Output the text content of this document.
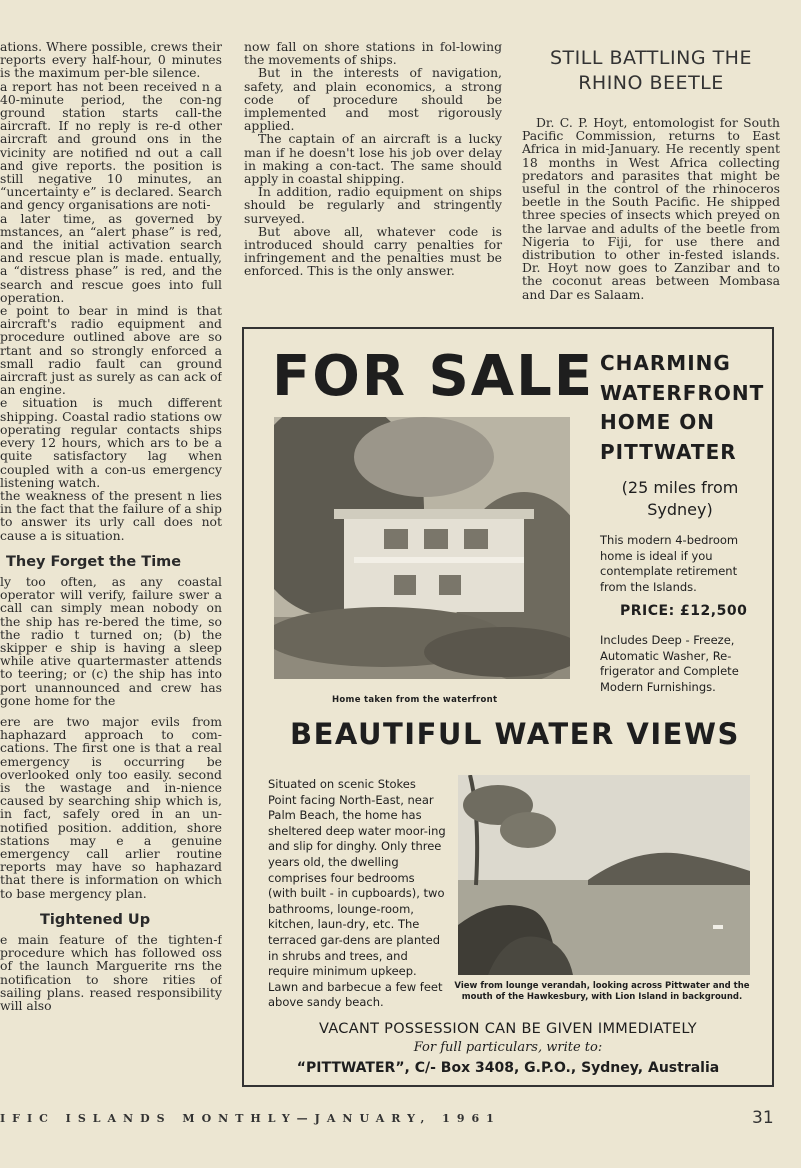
ations. Where possible, crews their reports every half-hour, 0 minutes is the maximum per-ble silence.

a report has not been received n a 40-minute period, the con-ng ground station starts call-the aircraft. If no reply is re-d other aircraft and ground ons in the vicinity are notified nd out a call and give reports. the position is still negative 10 minutes, an “uncertainty e” is declared. Search and gency organisations are noti-

a later time, as governed by mstances, an “alert phase” is red, and the initial activation search and rescue plan is made. entually, a “distress phase” is red, and the search and rescue goes into full operation.

e point to bear in mind is that aircraft's radio equipment and procedure outlined above are so rtant and so strongly enforced a small radio fault can ground aircraft just as surely as can ack of an engine.

e situation is much different shipping. Coastal radio stations ow operating regular contacts ships every 12 hours, which ars to be a quite satisfactory lag when coupled with a con-us emergency listening watch.

the weakness of the present n lies in the fact that the failure of a ship to answer its urly call does not cause a is situation.

They Forget the Time

ly too often, as any coastal operator will verify, failure swer a call can simply mean nobody on the ship has re-bered the time, so the radio t turned on; (b) the skipper e ship is having a sleep while ative quartermaster attends to teering; or (c) the ship has into port unannounced and crew has gone home for the

ere are two major evils from haphazard approach to com-cations. The first one is that a real emergency is occurring be overlooked only too easily. second is the wastage and in-nience caused by searching ship which is, in fact, safely ored in an un-notified position. addition, shore stations may e a genuine emergency call arlier routine reports may have so haphazard that there is information on which to base mergency plan.

Tightened Up

e main feature of the tighten-f procedure which has followed oss of the launch Marguerite rns the notification to shore rities of sailing plans. reased responsibility will also

now fall on shore stations in fol-lowing the movements of ships.

But in the interests of navigation, safety, and plain economics, a strong code of procedure should be implemented and most rigorously applied.

The captain of an aircraft is a lucky man if he doesn't lose his job over delay in making a con-tact. The same should apply in coastal shipping.

In addition, radio equipment on ships should be regularly and stringently surveyed.

But above all, whatever code is introduced should carry penalties for infringement and the penalties must be enforced. This is the only answer.

STILL BATTLING THE RHINO BEETLE

Dr. C. P. Hoyt, entomologist for South Pacific Commission, returns to East Africa in mid-January. He recently spent 18 months in West Africa collecting predators and parasites that might be useful in the control of the rhinoceros beetle in the South Pacific. He shipped three species of insects which preyed on the larvae and adults of the beetle from Nigeria to Fiji, for use there and distribution to other in-fested islands. Dr. Hoyt now goes to Zanzibar and to the coconut areas between Mombasa and Dar es Salaam.

FOR SALE CHARMING WATERFRONT HOME ON PITTWATER
(25 miles from Sydney)
This modern 4-bedroom home is ideal if you contemplate retirement from the Islands.
PRICE: £12,500
Includes Deep - Freeze, Automatic Washer, Re-frigerator and Complete Modern Furnishings.
Home taken from the waterfront
BEAUTIFUL WATER VIEWS
Situated on scenic Stokes Point facing North-East, near Palm Beach, the home has sheltered deep water moor-ing and slip for dinghy. Only three years old, the dwelling comprises four bedrooms (with built - in cupboards), two bathrooms, lounge-room, kitchen, laun-dry, etc. The terraced gar-dens are planted in shrubs and trees, and require minimum upkeep. Lawn and barbecue a few feet above sandy beach.
View from lounge verandah, looking across Pittwater and the mouth of the Hawkesbury, with Lion Island in background.
VACANT POSSESSION CAN BE GIVEN IMMEDIATELY
For full particulars, write to:
“PITTWATER”, C/- Box 3408, G.P.O., Sydney, Australia
IFIC ISLANDS MONTHLY—JANUARY, 1961	31
